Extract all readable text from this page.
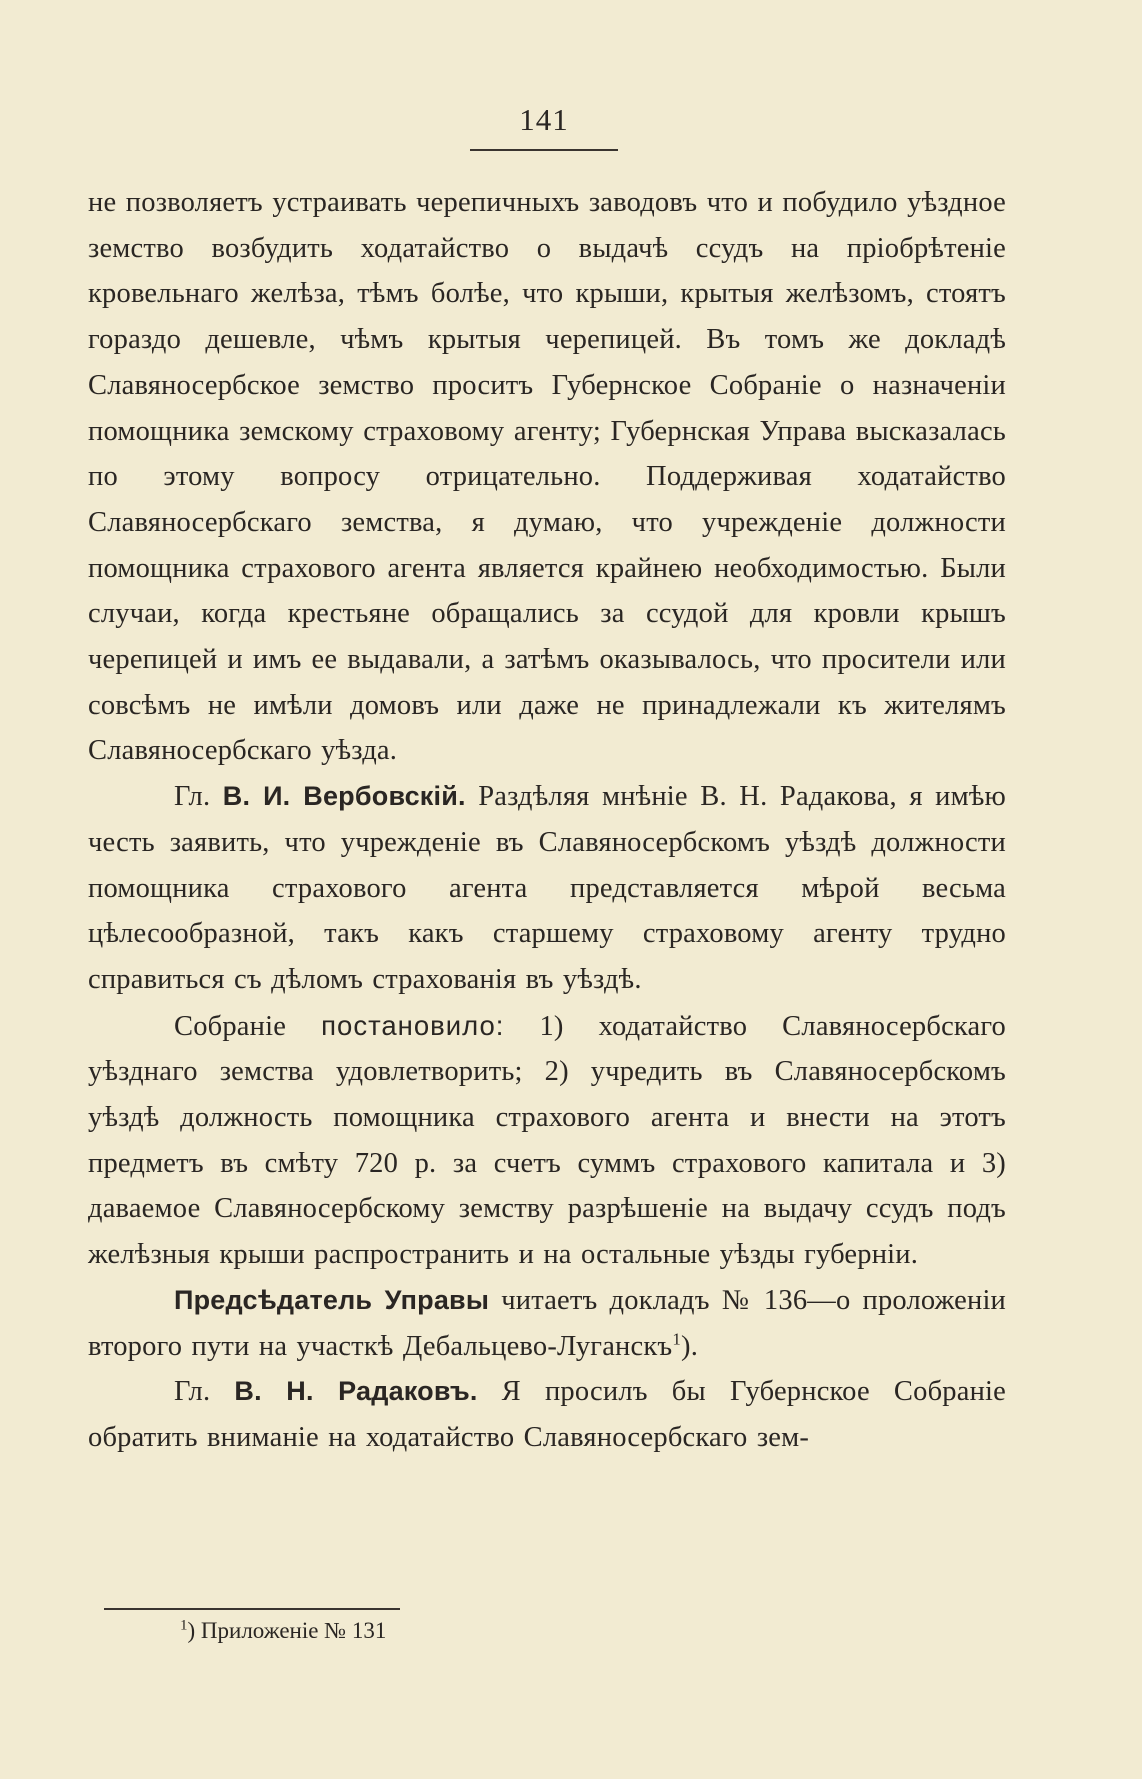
141

не позволяетъ устраивать черепичныхъ заводовъ что и побудило уѣздное земство возбудить ходатайство о выдачѣ ссудъ на пріобрѣтеніе кровельнаго желѣза, тѣмъ болѣе, что крыши, крытыя желѣзомъ, стоятъ гораздо дешевле, чѣмъ крытыя черепицей. Въ томъ же докладѣ Славяносербское земство проситъ Губернское Собраніе о назначеніи помощника земскому страховому агенту; Губернская Управа высказалась по этому вопросу отрицательно. Поддерживая ходатайство Славяносербскаго земства, я думаю, что учрежденіе должности помощника страхового агента является крайнею необходимостью. Были случаи, когда крестьяне обращались за ссудой для кровли крышъ черепицей и имъ ее выдавали, а затѣмъ оказывалось, что просители или совсѣмъ не имѣли домовъ или даже не принадлежали къ жителямъ Славяносербскаго уѣзда.

Гл. В. И. Вербовскій. Раздѣляя мнѣніе В. Н. Радакова, я имѣю честь заявить, что учрежденіе въ Славяносербскомъ уѣздѣ должности помощника страхового агента представляется мѣрой весьма цѣлесообразной, такъ какъ старшему страховому агенту трудно справиться съ дѣломъ страхованія въ уѣздѣ.

Собраніе постановило: 1) ходатайство Славяносербскаго уѣзднаго земства удовлетворить; 2) учредить въ Славяносербскомъ уѣздѣ должность помощника страхового агента и внести на этотъ предметъ въ смѣту 720 р. за счетъ суммъ страхового капитала и 3) даваемое Славяносербскому земству разрѣшеніе на выдачу ссудъ подъ желѣзныя крыши распространить и на остальные уѣзды губерніи.

Предсѣдатель Управы читаетъ докладъ № 136—о проложеніи второго пути на участкѣ Дебальцево-Луганскъ$^1$).

Гл. В. Н. Радаковъ. Я просилъ бы Губернское Собраніе обратить вниманіе на ходатайство Славяносербскаго зем-

$^1$) Приложеніе № 131
